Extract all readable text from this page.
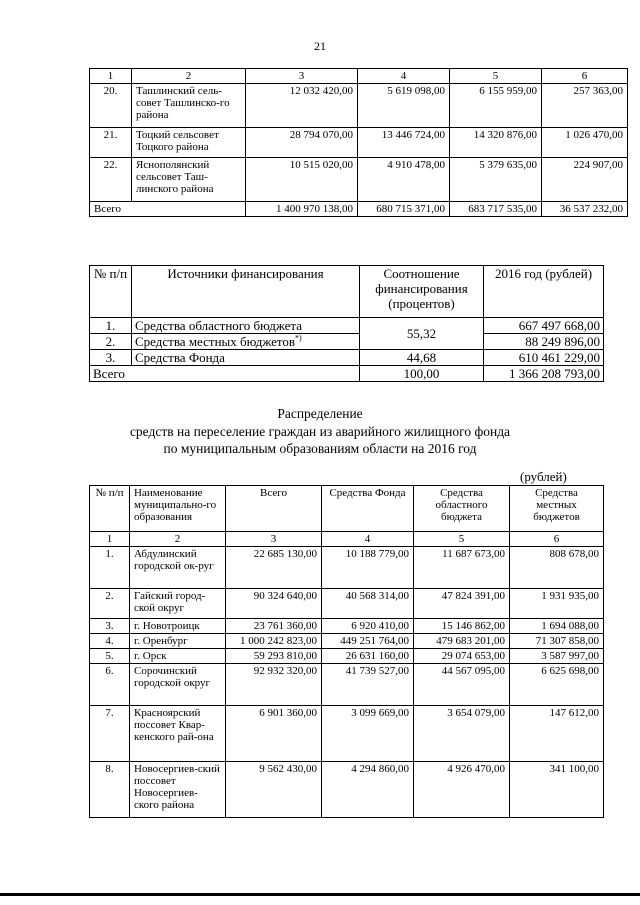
21
1	2	3	4	5	6
20.	Ташлинский сель-совет Ташлинско-го района	12 032 420,00	5 619 098,00	6 155 959,00	257 363,00
21.	Тоцкий сельсовет Тоцкого района	28 794 070,00	13 446 724,00	14 320 876,00	1 026 470,00
22.	Яснополянский сельсовет Таш-линского района	10 515 020,00	4 910 478,00	5 379 635,00	224 907,00
Всего		1 400 970 138,00	680 715 371,00	683 717 535,00	36 537 232,00
№ п/п	Источники финансирования	Соотношение финансирования (процентов)	2016 год (рублей)
1.	Средства областного бюджета	55,32	667 497 668,00
2.	Средства местных бюджетов*)		88 249 896,00
3.	Средства Фонда	44,68	610 461 229,00
Всего		100,00	1 366 208 793,00
Распределение
средств на переселение граждан из аварийного жилищного фонда
по муниципальным образованиям области на 2016 год
(рублей)
№ п/п	Наименование муниципально-го образования	Всего	Средства Фонда	Средства областного бюджета	Средства местных бюджетов
1	2	3	4	5	6
1.	Абдулинский городской ок-руг	22 685 130,00	10 188 779,00	11 687 673,00	808 678,00
2.	Гайский город-ской округ	90 324 640,00	40 568 314,00	47 824 391,00	1 931 935,00
3.	г. Новотроицк	23 761 360,00	6 920 410,00	15 146 862,00	1 694 088,00
4.	г. Оренбург	1 000 242 823,00	449 251 764,00	479 683 201,00	71 307 858,00
5.	г. Орск	59 293 810,00	26 631 160,00	29 074 653,00	3 587 997,00
6.	Сорочинский городской округ	92 932 320,00	41 739 527,00	44 567 095,00	6 625 698,00
7.	Красноярский поссовет Квар-кенского рай-она	6 901 360,00	3 099 669,00	3 654 079,00	147 612,00
8.	Новосергиев-ский поссовет Новосергиев-ского района	9 562 430,00	4 294 860,00	4 926 470,00	341 100,00
